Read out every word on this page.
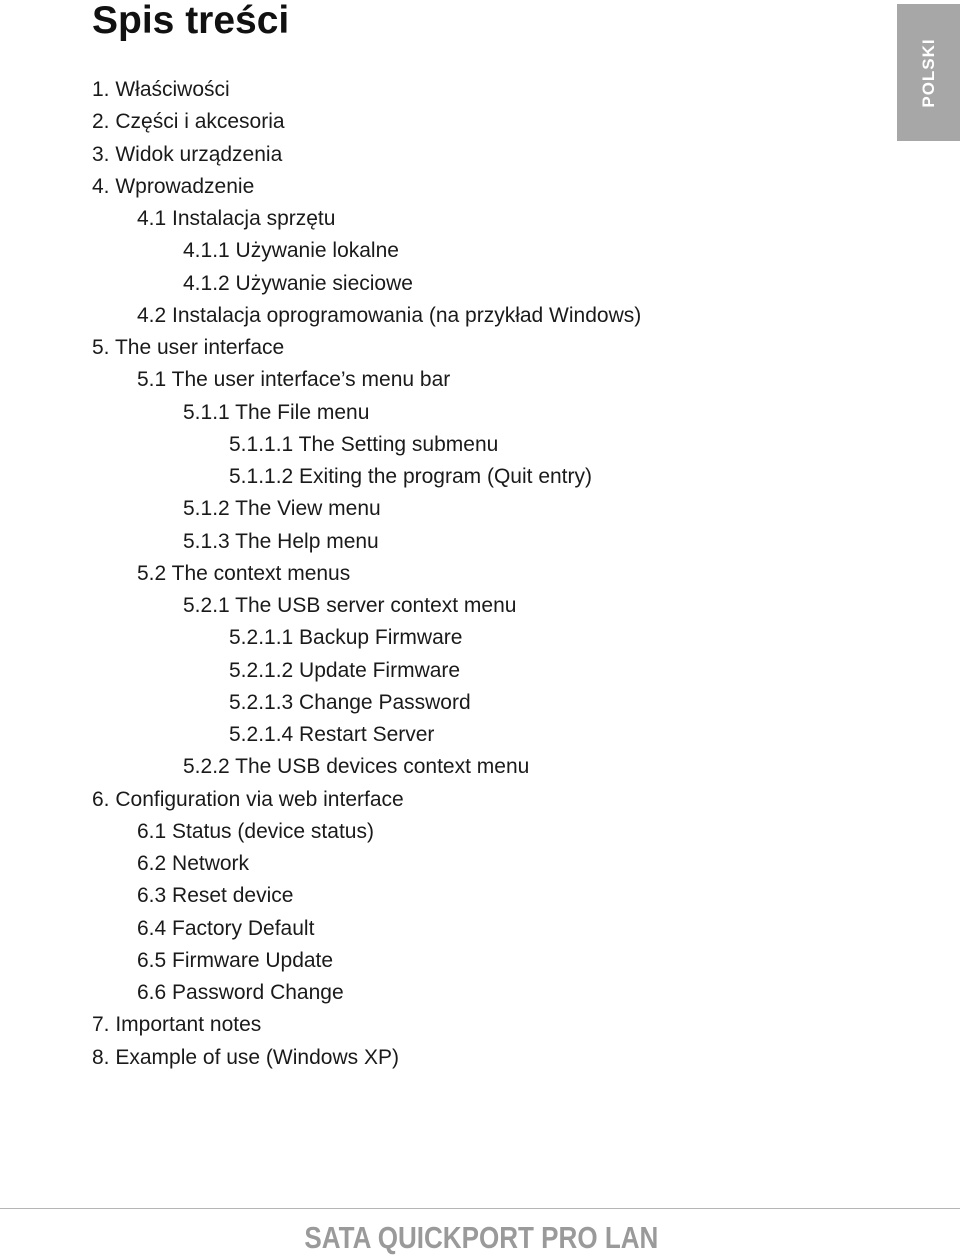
Spis treści
POLSKI
1. Właściwości
2. Części i akcesoria
3. Widok urządzenia
4. Wprowadzenie
4.1 Instalacja sprzętu
4.1.1 Używanie lokalne
4.1.2 Używanie sieciowe
4.2 Instalacja oprogramowania (na przykład Windows)
5. The user interface
5.1 The user interface’s menu bar
5.1.1 The File menu
5.1.1.1 The Setting submenu
5.1.1.2 Exiting the program (Quit entry)
5.1.2 The View menu
5.1.3 The Help menu
5.2 The context menus
5.2.1 The USB server context menu
5.2.1.1 Backup Firmware
5.2.1.2 Update Firmware
5.2.1.3 Change Password
5.2.1.4 Restart Server
5.2.2 The USB devices context menu
6. Configuration via web interface
6.1 Status (device status)
6.2 Network
6.3 Reset device
6.4 Factory Default
6.5 Firmware Update
6.6 Password Change
7. Important notes
8. Example of use (Windows XP)
SATA QUICKPORT PRO LAN
